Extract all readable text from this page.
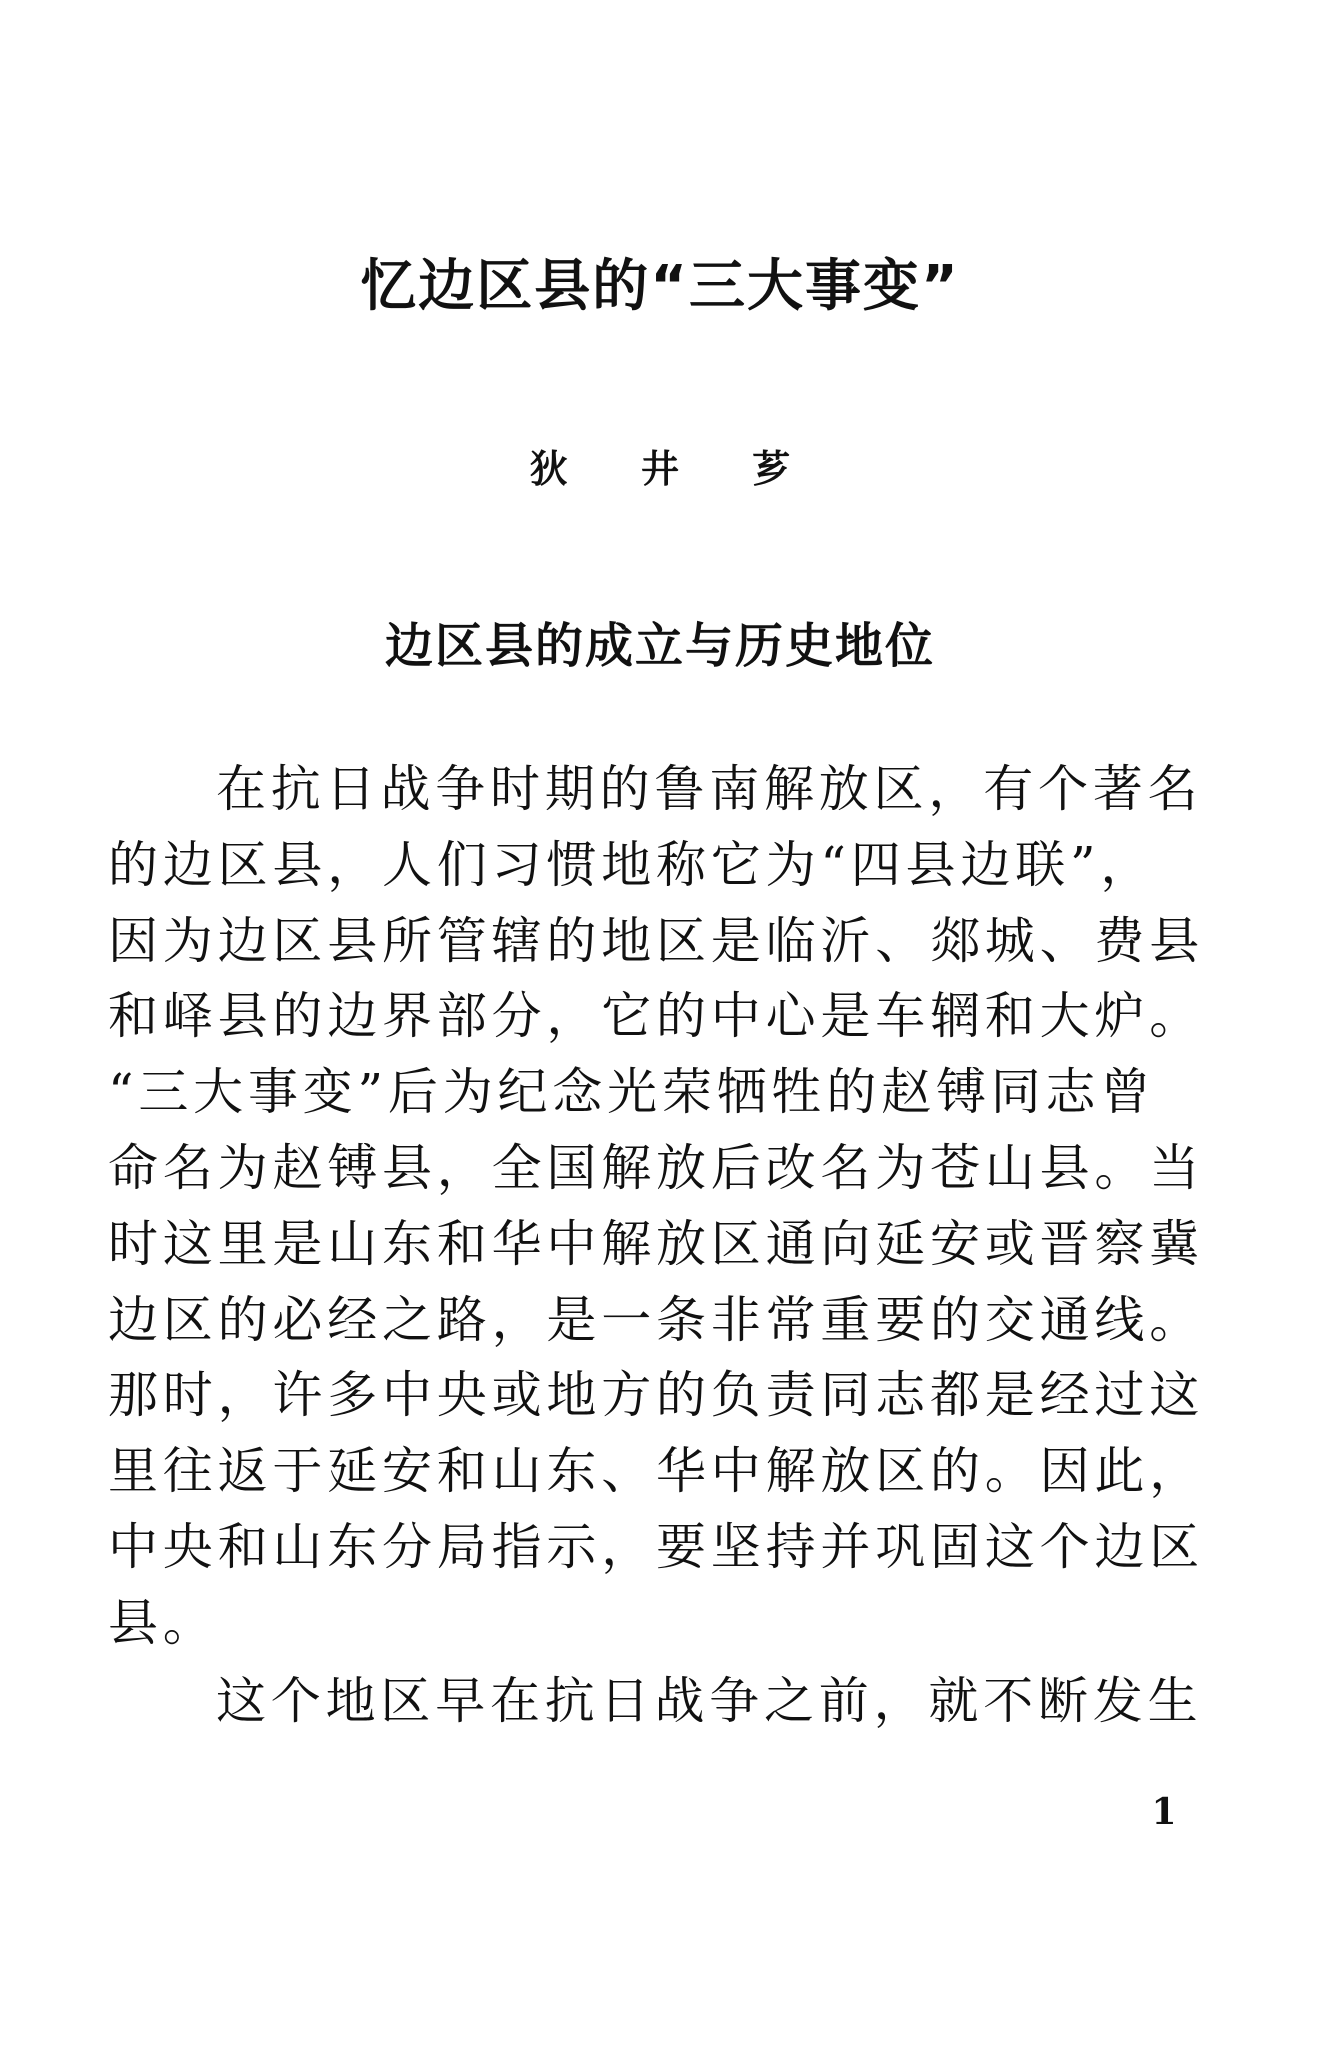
忆边区县的“三大事变”
狄 井 芗
边区县的成立与历史地位
在抗日战争时期的鲁南解放区，有个著名
的边区县，人们习惯地称它为“四县边联”，
因为边区县所管辖的地区是临沂、郯城、费县
和峄县的边界部分，它的中心是车辋和大炉。
“三大事变”后为纪念光荣牺牲的赵镈同志曾
命名为赵镈县，全国解放后改名为苍山县。当
时这里是山东和华中解放区通向延安或晋察冀
边区的必经之路，是一条非常重要的交通线。
那时，许多中央或地方的负责同志都是经过这
里往返于延安和山东、华中解放区的。因此，
中央和山东分局指示，要坚持并巩固这个边区
县。
这个地区早在抗日战争之前，就不断发生
1
